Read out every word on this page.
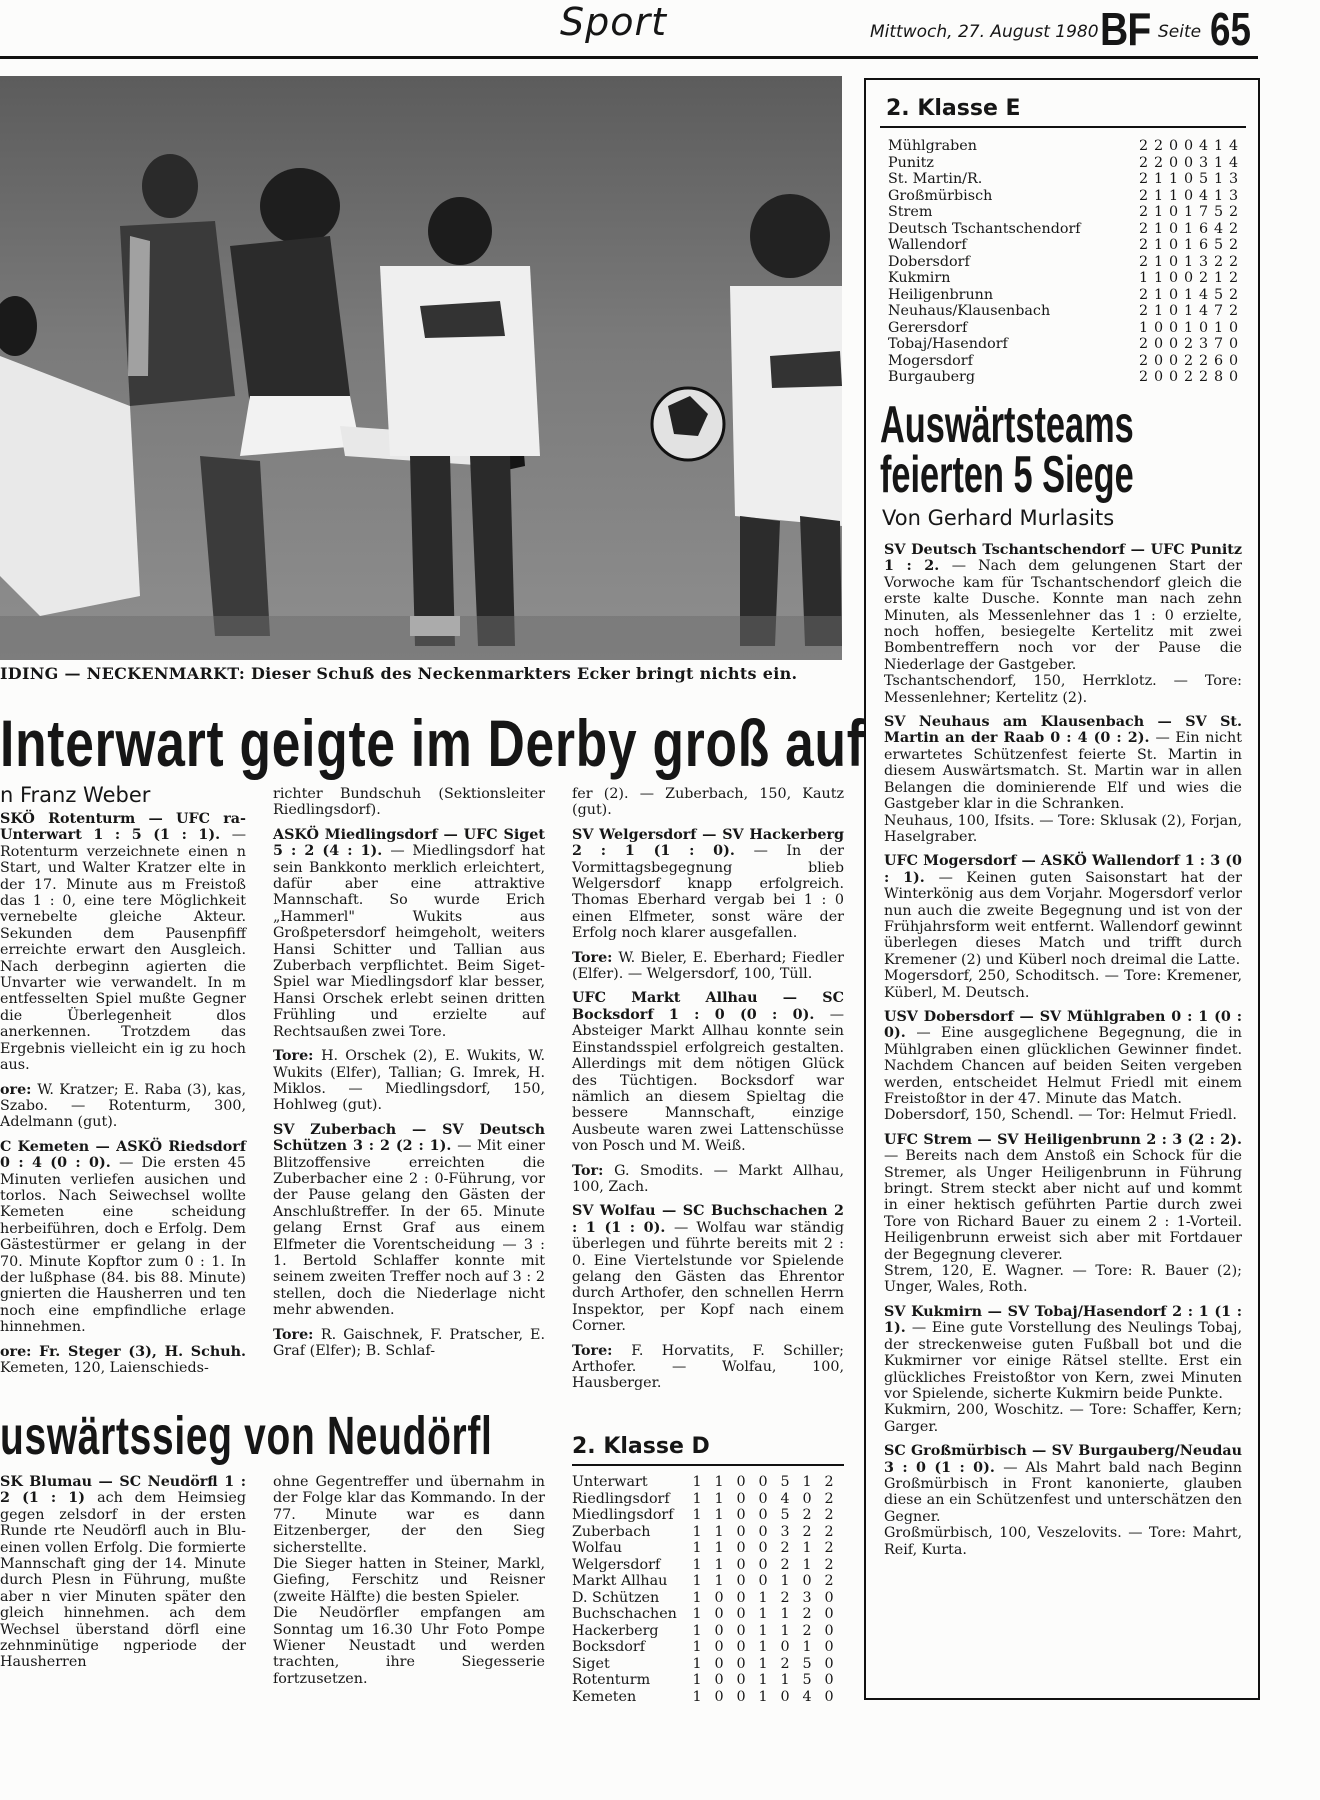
Sport	Mittwoch, 27. August 1980 BF Seite 65
IDING — NECKENMARKT: Dieser Schuß des Neckenmarkters Ecker bringt nichts ein.
Interwart geigte im Derby groß auf
n Franz Weber

SKÖ Rotenturm — UFC ra-Unterwart 1 : 5 (1 : 1). — Rotenturm verzeichnete einen n Start, und Walter Kratzer elte in der 17. Minute aus m Freistoß das 1 : 0, eine tere Möglichkeit vernebelte gleiche Akteur. Sekunden dem Pausenpfiff erreichte erwart den Ausgleich. Nach derbeginn agierten die Unvarter wie verwandelt. In m entfesselten Spiel mußte Gegner die Überlegenheit dlos anerkennen. Trotzdem das Ergebnis vielleicht ein ig zu hoch aus.

ore: W. Kratzer; E. Raba (3), kas, Szabo. — Rotenturm, 300, Adelmann (gut).

C Kemeten — ASKÖ Riedsdorf 0 : 4 (0 : 0). — Die ersten 45 Minuten verliefen ausichen und torlos. Nach Seiwechsel wollte Kemeten eine scheidung herbeiführen, doch e Erfolg. Dem Gästestürmer er gelang in der 70. Minute Kopftor zum 0 : 1. In der lußphase (84. bis 88. Minute) gnierten die Hausherren und ten noch eine empfindliche erlage hinnehmen.

ore: Fr. Steger (3), H. Schuh. Kemeten, 120, Laienschieds-

richter Bundschuh (Sektionsleiter Riedlingsdorf).

ASKÖ Miedlingsdorf — UFC Siget 5 : 2 (4 : 1). — Miedlingsdorf hat sein Bankkonto merklich erleichtert, dafür aber eine attraktive Mannschaft. So wurde Erich „Hammerl" Wukits aus Großpetersdorf heimgeholt, weiters Hansi Schitter und Tallian aus Zuberbach verpflichtet. Beim Siget-Spiel war Miedlingsdorf klar besser, Hansi Orschek erlebt seinen dritten Frühling und erzielte auf Rechtsaußen zwei Tore.

Tore: H. Orschek (2), E. Wukits, W. Wukits (Elfer), Tallian; G. Imrek, H. Miklos. — Miedlingsdorf, 150, Hohlweg (gut).

SV Zuberbach — SV Deutsch Schützen 3 : 2 (2 : 1). — Mit einer Blitzoffensive erreichten die Zuberbacher eine 2 : 0-Führung, vor der Pause gelang den Gästen der Anschlußtreffer. In der 65. Minute gelang Ernst Graf aus einem Elfmeter die Vorentscheidung — 3 : 1. Bertold Schlaffer konnte mit seinem zweiten Treffer noch auf 3 : 2 stellen, doch die Niederlage nicht mehr abwenden.

Tore: R. Gaischnek, F. Pratscher, E. Graf (Elfer); B. Schlaf-

fer (2). — Zuberbach, 150, Kautz (gut).

SV Welgersdorf — SV Hackerberg 2 : 1 (1 : 0). — In der Vormittagsbegegnung blieb Welgersdorf knapp erfolgreich. Thomas Eberhard vergab bei 1 : 0 einen Elfmeter, sonst wäre der Erfolg noch klarer ausgefallen.

Tore: W. Bieler, E. Eberhard; Fiedler (Elfer). — Welgersdorf, 100, Tüll.

UFC Markt Allhau — SC Bocksdorf 1 : 0 (0 : 0). — Absteiger Markt Allhau konnte sein Einstandsspiel erfolgreich gestalten. Allerdings mit dem nötigen Glück des Tüchtigen. Bocksdorf war nämlich an diesem Spieltag die bessere Mannschaft, einzige Ausbeute waren zwei Lattenschüsse von Posch und M. Weiß.

Tor: G. Smodits. — Markt Allhau, 100, Zach.

SV Wolfau — SC Buchschachen 2 : 1 (1 : 0). — Wolfau war ständig überlegen und führte bereits mit 2 : 0. Eine Viertelstunde vor Spielende gelang den Gästen das Ehrentor durch Arthofer, den schnellen Herrn Inspektor, per Kopf nach einem Corner.

Tore: F. Horvatits, F. Schiller; Arthofer. — Wolfau, 100, Hausberger.

uswärtssieg von Neudörfl

SK Blumau — SC Neudörfl 1 : 2 (1 : 1) ach dem Heimsieg gegen zelsdorf in der ersten Runde rte Neudörfl auch in Blu- einen vollen Erfolg. Die formierte Mannschaft ging der 14. Minute durch Plesn in Führung, mußte aber n vier Minuten später den gleich hinnehmen. ach dem Wechsel überstand dörfl eine zehnminütige ngperiode der Hausherren

ohne Gegentreffer und übernahm in der Folge klar das Kommando. In der 77. Minute war es dann Eitzenberger, der den Sieg sicherstellte.

Die Sieger hatten in Steiner, Markl, Giefing, Ferschitz und Reisner (zweite Hälfte) die besten Spieler.

Die Neudörfler empfangen am Sonntag um 16.30 Uhr Foto Pompe Wiener Neustadt und werden trachten, ihre Siegesserie fortzusetzen.

2. Klasse D
Unterwart	1 1 0 0 5 1 2
Riedlingsdorf	1 1 0 0 4 0 2
Miedlingsdorf	1 1 0 0 5 2 2
Zuberbach	1 1 0 0 3 2 2
Wolfau	1 1 0 0 2 1 2
Welgersdorf	1 1 0 0 2 1 2
Markt Allhau	1 1 0 0 1 0 2
D. Schützen	1 0 0 1 2 3 0
Buchschachen	1 0 0 1 1 2 0
Hackerberg	1 0 0 1 1 2 0
Bocksdorf	1 0 0 1 0 1 0
Siget	1 0 0 1 2 5 0
Rotenturm	1 0 0 1 1 5 0
Kemeten	1 0 0 1 0 4 0
2. Klasse E
Mühlgraben	2 2 0 0 4 1 4
Punitz	2 2 0 0 3 1 4
St. Martin/R.	2 1 1 0 5 1 3
Großmürbisch	2 1 1 0 4 1 3
Strem	2 1 0 1 7 5 2
Deutsch Tschantschendorf	2 1 0 1 6 4 2
Wallendorf	2 1 0 1 6 5 2
Dobersdorf	2 1 0 1 3 2 2
Kukmirn	1 1 0 0 2 1 2
Heiligenbrunn	2 1 0 1 4 5 2
Neuhaus/Klausenbach	2 1 0 1 4 7 2
Gerersdorf	1 0 0 1 0 1 0
Tobaj/Hasendorf	2 0 0 2 3 7 0
Mogersdorf	2 0 0 2 2 6 0
Burgauberg	2 0 0 2 2 8 0
Auswärtsteams
feierten 5 Siege
Von Gerhard Murlasits

SV Deutsch Tschantschendorf — UFC Punitz 1 : 2. — Nach dem gelungenen Start der Vorwoche kam für Tschantschendorf gleich die erste kalte Dusche. Konnte man nach zehn Minuten, als Messenlehner das 1 : 0 erzielte, noch hoffen, besiegelte Kertelitz mit zwei Bombentreffern noch vor der Pause die Niederlage der Gastgeber.

Tschantschendorf, 150, Herrklotz. — Tore: Messenlehner; Kertelitz (2).

SV Neuhaus am Klausenbach — SV St. Martin an der Raab 0 : 4 (0 : 2). — Ein nicht erwartetes Schützenfest feierte St. Martin in diesem Auswärtsmatch. St. Martin war in allen Belangen die dominierende Elf und wies die Gastgeber klar in die Schranken.

Neuhaus, 100, Ifsits. — Tore: Sklusak (2), Forjan, Haselgraber.

UFC Mogersdorf — ASKÖ Wallendorf 1 : 3 (0 : 1). — Keinen guten Saisonstart hat der Winterkönig aus dem Vorjahr. Mogersdorf verlor nun auch die zweite Begegnung und ist von der Frühjahrsform weit entfernt. Wallendorf gewinnt überlegen dieses Match und trifft durch Kremener (2) und Küberl noch dreimal die Latte.

Mogersdorf, 250, Schoditsch. — Tore: Kremener, Küberl, M. Deutsch.

USV Dobersdorf — SV Mühlgraben 0 : 1 (0 : 0). — Eine ausgeglichene Begegnung, die in Mühlgraben einen glücklichen Gewinner findet. Nachdem Chancen auf beiden Seiten vergeben werden, entscheidet Helmut Friedl mit einem Freistoßtor in der 47. Minute das Match.

Dobersdorf, 150, Schendl. — Tor: Helmut Friedl.

UFC Strem — SV Heiligenbrunn 2 : 3 (2 : 2). — Bereits nach dem Anstoß ein Schock für die Stremer, als Unger Heiligenbrunn in Führung bringt. Strem steckt aber nicht auf und kommt in einer hektisch geführten Partie durch zwei Tore von Richard Bauer zu einem 2 : 1-Vorteil. Heiligenbrunn erweist sich aber mit Fortdauer der Begegnung cleverer.

Strem, 120, E. Wagner. — Tore: R. Bauer (2); Unger, Wales, Roth.

SV Kukmirn — SV Tobaj/Hasendorf 2 : 1 (1 : 1). — Eine gute Vorstellung des Neulings Tobaj, der streckenweise guten Fußball bot und die Kukmirner vor einige Rätsel stellte. Erst ein glückliches Freistoßtor von Kern, zwei Minuten vor Spielende, sicherte Kukmirn beide Punkte.

Kukmirn, 200, Woschitz. — Tore: Schaffer, Kern; Garger.

SC Großmürbisch — SV Burgauberg/Neudau 3 : 0 (1 : 0). — Als Mahrt bald nach Beginn Großmürbisch in Front kanonierte, glauben diese an ein Schützenfest und unterschätzen den Gegner.

Großmürbisch, 100, Veszelovits. — Tore: Mahrt, Reif, Kurta.
